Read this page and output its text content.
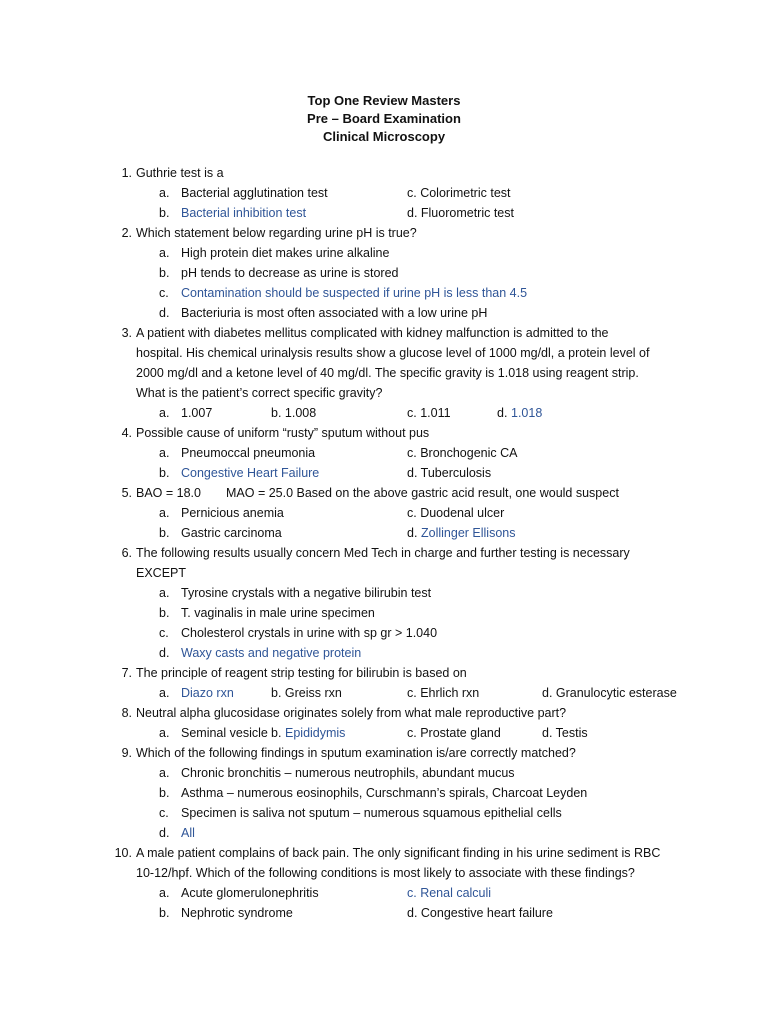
Top One Review Masters
Pre – Board Examination
Clinical Microscopy
1. Guthrie test is a
a. Bacterial agglutination test	c. Colorimetric test
b. Bacterial inhibition test	d. Fluorometric test
2. Which statement below regarding urine pH is true?
a. High protein diet makes urine alkaline
b. pH tends to decrease as urine is stored
c. Contamination should be suspected if urine pH is less than 4.5
d. Bacteriuria is most often associated with a low urine pH
3. A patient with diabetes mellitus complicated with kidney malfunction is admitted to the
hospital. His chemical urinalysis results show a glucose level of 1000 mg/dl, a protein level of
2000 mg/dl and a ketone level of 40 mg/dl. The specific gravity is 1.018 using reagent strip.
What is the patient’s correct specific gravity?
a. 1.007	b. 1.008	c. 1.011	d. 1.018
4. Possible cause of uniform “rusty” sputum without pus
a. Pneumoccal pneumonia	c. Bronchogenic CA
b. Congestive Heart Failure	d. Tuberculosis
5. BAO = 18.0	MAO = 25.0 Based on the above gastric acid result, one would suspect
a. Pernicious anemia	c. Duodenal ulcer
b. Gastric carcinoma	d. Zollinger Ellisons
6. The following results usually concern Med Tech in charge and further testing is necessary
EXCEPT
a. Tyrosine crystals with a negative bilirubin test
b. T. vaginalis in male urine specimen
c. Cholesterol crystals in urine with sp gr > 1.040
d. Waxy casts and negative protein
7. The principle of reagent strip testing for bilirubin is based on
a. Diazo rxn	b. Greiss rxn	c. Ehrlich rxn	d. Granulocytic esterase
8. Neutral alpha glucosidase originates solely from what male reproductive part?
a. Seminal vesicle b. Epididymis	c. Prostate gland	d. Testis
9. Which of the following findings in sputum examination is/are correctly matched?
a. Chronic bronchitis – numerous neutrophils, abundant mucus
b. Asthma – numerous eosinophils, Curschmann’s spirals, Charcoat Leyden
c. Specimen is saliva not sputum – numerous squamous epithelial cells
d. All
10. A male patient complains of back pain. The only significant finding in his urine sediment is RBC
10-12/hpf. Which of the following conditions is most likely to associate with these findings?
a. Acute glomerulonephritis	c. Renal calculi
b. Nephrotic syndrome	d. Congestive heart failure
